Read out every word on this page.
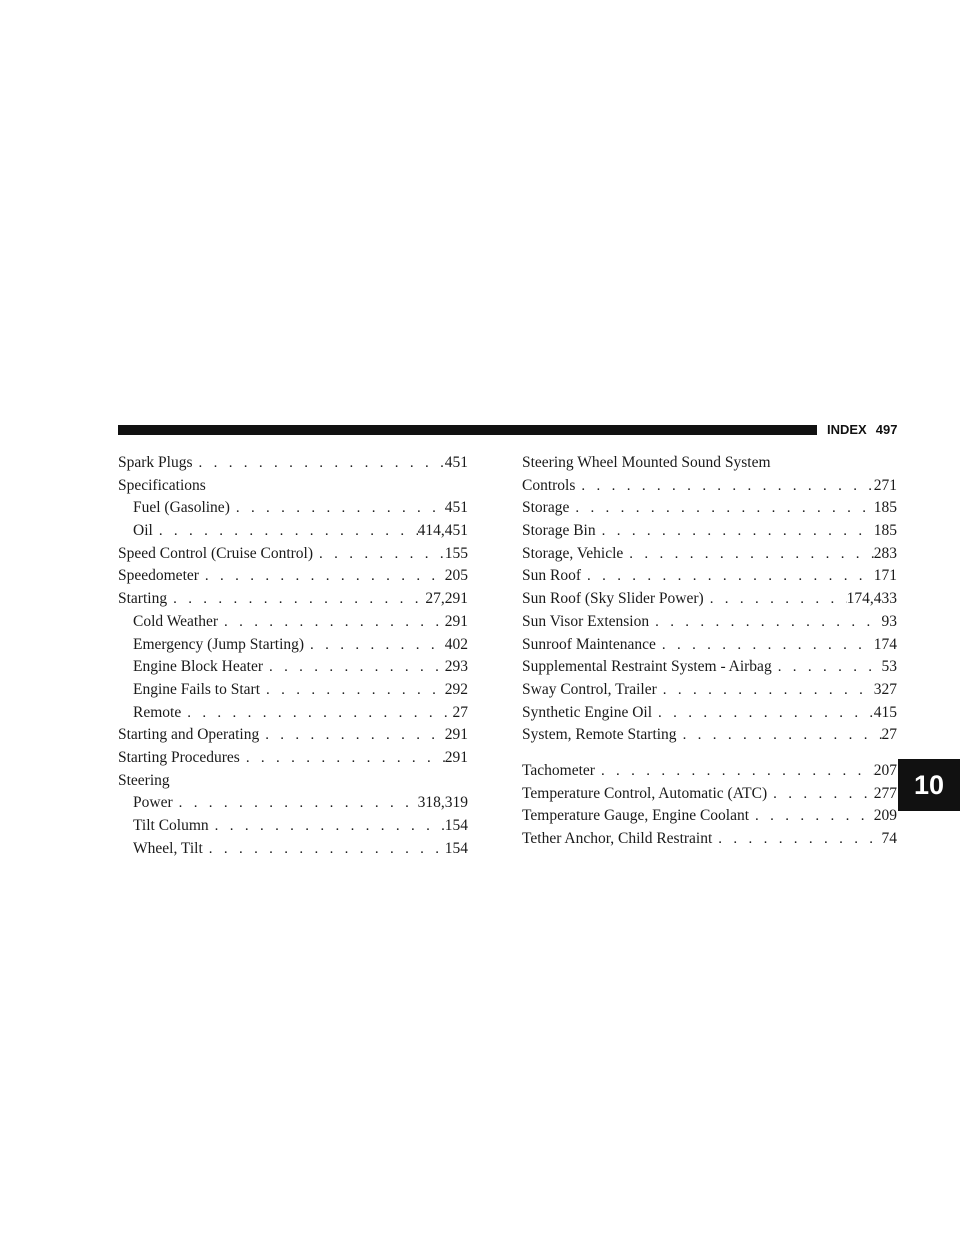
INDEX 497
Spark Plugs . . .	451
Specifications
Fuel (Gasoline) . . .	451
Oil . . .	414,451
Speed Control (Cruise Control) . . .	155
Speedometer . . .	205
Starting . . .	27,291
Cold Weather . . .	291
Emergency (Jump Starting) . . .	402
Engine Block Heater . . .	293
Engine Fails to Start . . .	292
Remote . . .	27
Starting and Operating . . .	291
Starting Procedures . . .	291
Steering
Power . . .	318,319
Tilt Column . . .	154
Wheel, Tilt . . .	154
Steering Wheel Mounted Sound System
Controls . . .	271
Storage . . .	185
Storage Bin . . .	185
Storage, Vehicle . . .	283
Sun Roof . . .	171
Sun Roof (Sky Slider Power) . . .	174,433
Sun Visor Extension . . .	93
Sunroof Maintenance . . .	174
Supplemental Restraint System - Airbag . . .	53
Sway Control, Trailer . . .	327
Synthetic Engine Oil . . .	415
System, Remote Starting . . .	27
Tachometer . . .	207
Temperature Control, Automatic (ATC) . . .	277
Temperature Gauge, Engine Coolant . . .	209
Tether Anchor, Child Restraint . . .	74
10
